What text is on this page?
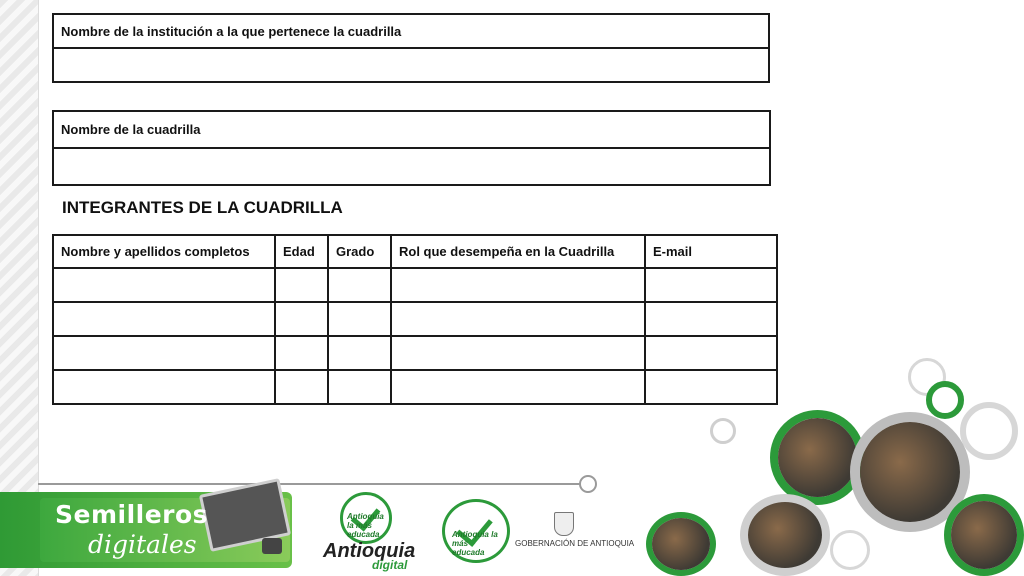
Nombre de la institución a la que pertenece la cuadrilla

Nombre de la cuadrilla

INTEGRANTES DE LA CUADRILLA
Nombre y apellidos completos	Edad	Grado	Rol que desempeña en la Cuadrilla	E-mail

Semilleros
digitales
Antioquia la más educada
Antioquia
digital
Antioquia la más educada
GOBERNACIÓN DE ANTIOQUIA
